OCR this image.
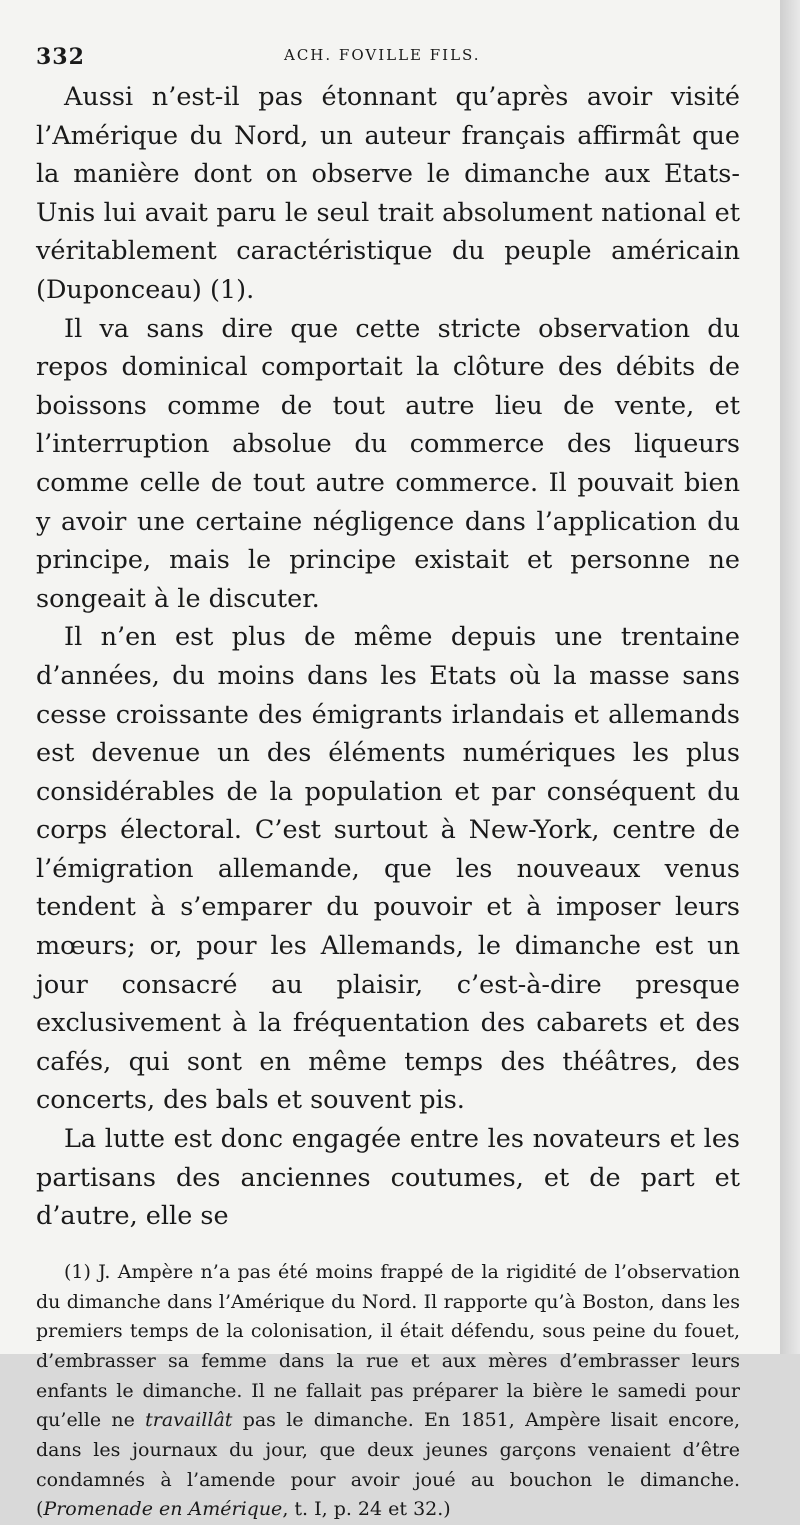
332	ACH. FOVILLE FILS.

Aussi n’est-il pas étonnant qu’après avoir visité l’Amérique du Nord, un auteur français affirmât que la manière dont on observe le dimanche aux Etats-Unis lui avait paru le seul trait absolument national et véritablement caractéristique du peuple américain (Duponceau) (1).

Il va sans dire que cette stricte observation du repos dominical comportait la clôture des débits de boissons comme de tout autre lieu de vente, et l’interruption absolue du commerce des liqueurs comme celle de tout autre commerce. Il pouvait bien y avoir une certaine négligence dans l’application du principe, mais le principe existait et personne ne songeait à le discuter.

Il n’en est plus de même depuis une trentaine d’années, du moins dans les Etats où la masse sans cesse croissante des émigrants irlandais et allemands est devenue un des éléments numériques les plus considérables de la population et par conséquent du corps électoral. C’est surtout à New-York, centre de l’émigration allemande, que les nouveaux venus tendent à s’emparer du pouvoir et à imposer leurs mœurs; or, pour les Allemands, le dimanche est un jour consacré au plaisir, c’est-à-dire presque exclusivement à la fréquentation des cabarets et des cafés, qui sont en même temps des théâtres, des concerts, des bals et souvent pis.

La lutte est donc engagée entre les novateurs et les partisans des anciennes coutumes, et de part et d’autre, elle se

(1) J. Ampère n’a pas été moins frappé de la rigidité de l’observation du dimanche dans l’Amérique du Nord. Il rapporte qu’à Boston, dans les premiers temps de la colonisation, il était défendu, sous peine du fouet, d’embrasser sa femme dans la rue et aux mères d’embrasser leurs enfants le dimanche. Il ne fallait pas préparer la bière le samedi pour qu’elle ne travaillât pas le dimanche. En 1851, Ampère lisait encore, dans les journaux du jour, que deux jeunes garçons venaient d’être condamnés à l’amende pour avoir joué au bouchon le dimanche. (Promenade en Amérique, t. I, p. 24 et 32.)
